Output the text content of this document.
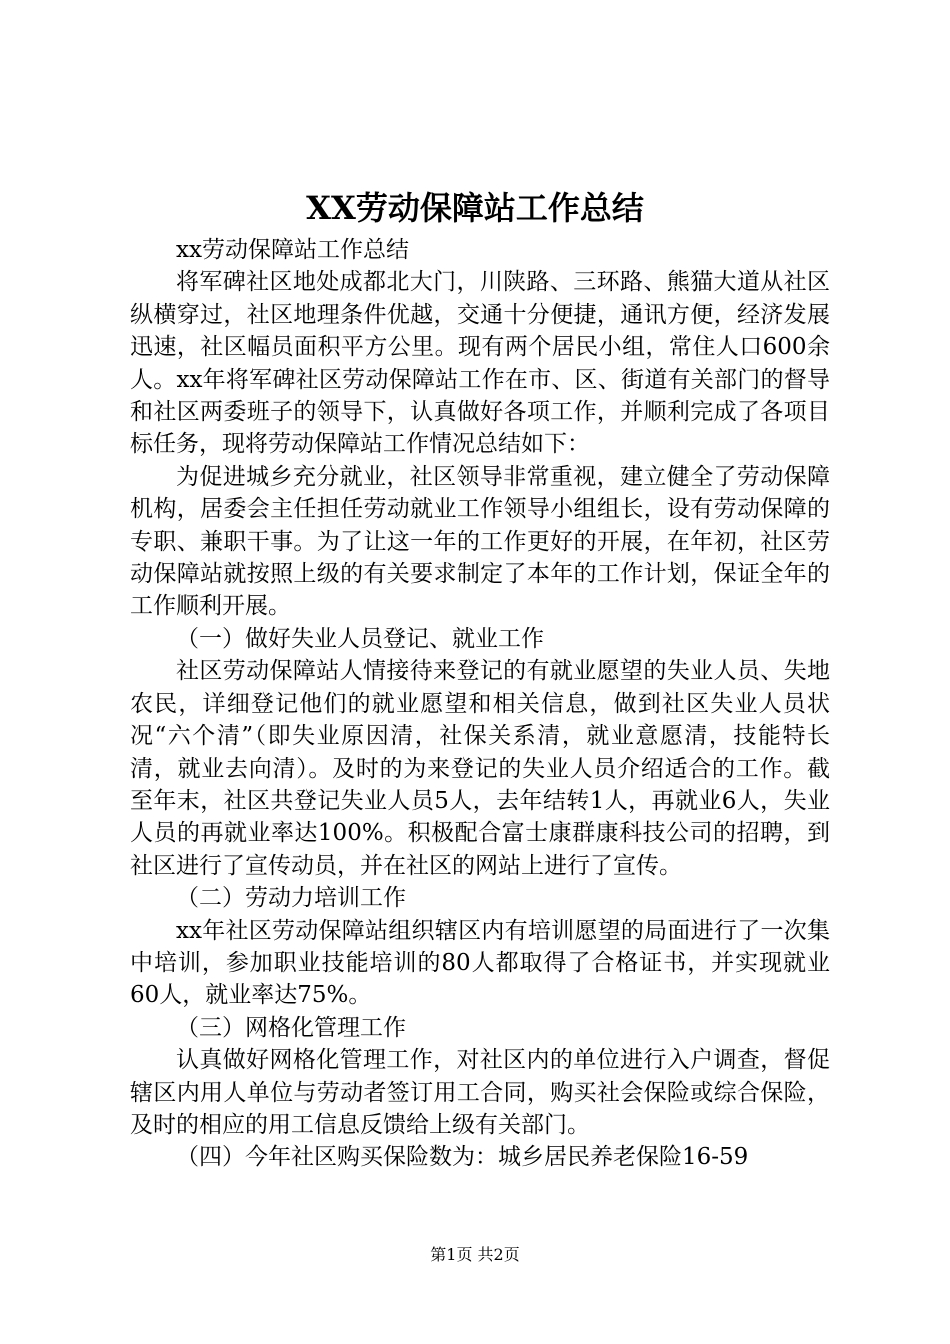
XX劳动保障站工作总结

xx劳动保障站工作总结

将军碑社区地处成都北大门，川陕路、三环路、熊猫大道从社区纵横穿过，社区地理条件优越，交通十分便捷，通讯方便，经济发展迅速，社区幅员面积平方公里。现有两个居民小组，常住人口600余人。xx年将军碑社区劳动保障站工作在市、区、街道有关部门的督导和社区两委班子的领导下，认真做好各项工作，并顺利完成了各项目标任务，现将劳动保障站工作情况总结如下：

为促进城乡充分就业，社区领导非常重视，建立健全了劳动保障机构，居委会主任担任劳动就业工作领导小组组长，设有劳动保障的专职、兼职干事。为了让这一年的工作更好的开展，在年初，社区劳动保障站就按照上级的有关要求制定了本年的工作计划，保证全年的工作顺利开展。

（一）做好失业人员登记、就业工作

社区劳动保障站人情接待来登记的有就业愿望的失业人员、失地农民，详细登记他们的就业愿望和相关信息，做到社区失业人员状况“六个清”（即失业原因清，社保关系清，就业意愿清，技能特长清，就业去向清）。及时的为来登记的失业人员介绍适合的工作。截至年末，社区共登记失业人员5人，去年结转1人，再就业6人，失业人员的再就业率达100%。积极配合富士康群康科技公司的招聘，到社区进行了宣传动员，并在社区的网站上进行了宣传。

（二）劳动力培训工作

xx年社区劳动保障站组织辖区内有培训愿望的局面进行了一次集中培训，参加职业技能培训的80人都取得了合格证书，并实现就业60人，就业率达75%。

（三）网格化管理工作

认真做好网格化管理工作，对社区内的单位进行入户调查，督促辖区内用人单位与劳动者签订用工合同，购买社会保险或综合保险，及时的相应的用工信息反馈给上级有关部门。

（四）今年社区购买保险数为：城乡居民养老保险16-59

第1页 共2页
